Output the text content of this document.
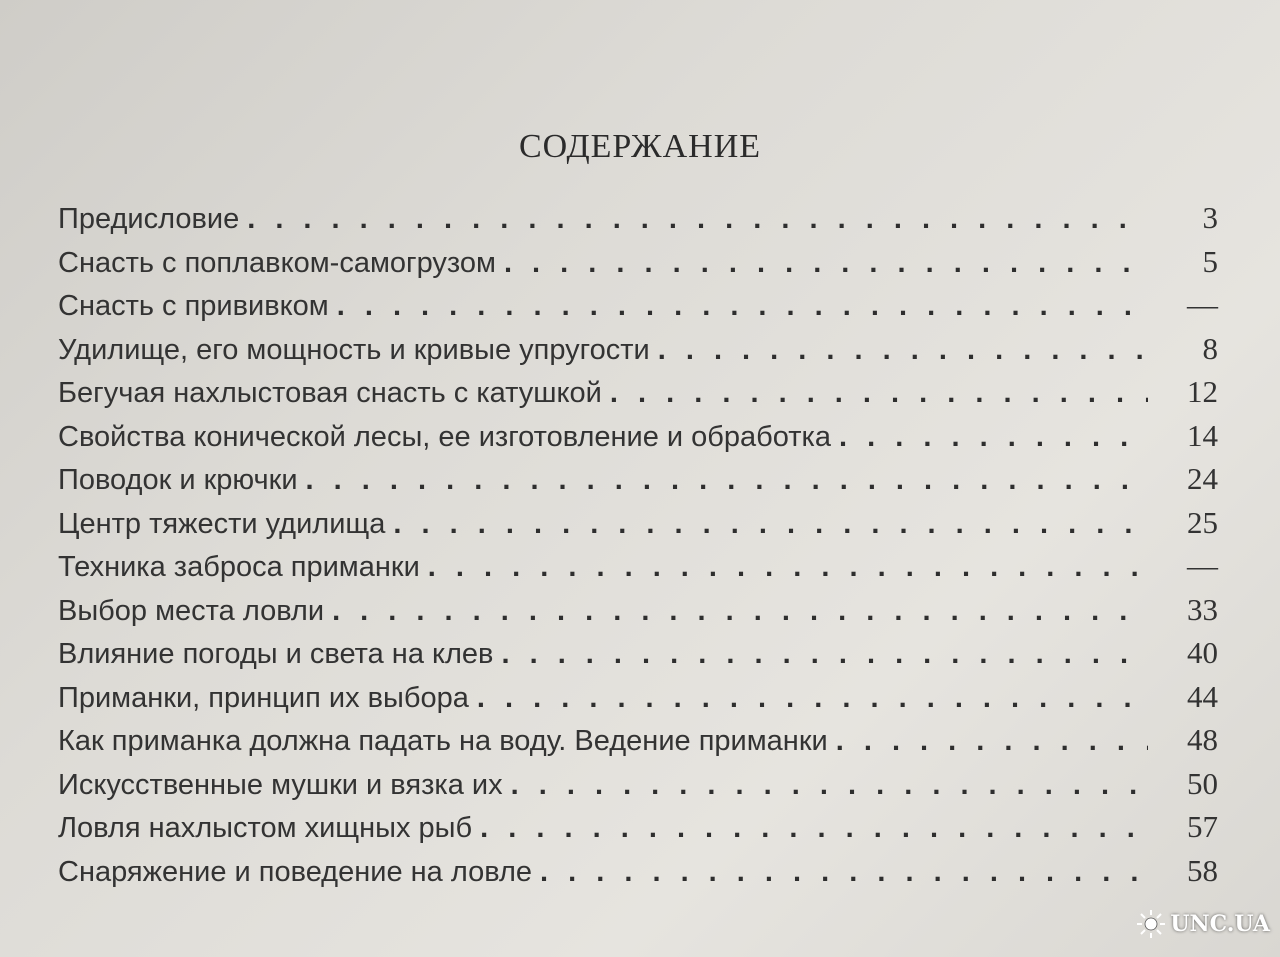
СОДЕРЖАНИЕ
Предисловие . . .	3
Снасть с поплавком-самогрузом . . .	5
Снасть с прививком . . .	—
Удилище, его мощность и кривые упругости . . .	8
Бегучая нахлыстовая снасть с катушкой . . .	12
Свойства конической лесы, ее изготовление и обработка . . .	14
Поводок и крючки . . .	24
Центр тяжести удилища . . .	25
Техника заброса приманки . . .	—
Выбор места ловли . . .	33
Влияние погоды и света на клев . . .	40
Приманки, принцип их выбора . . .	44
Как приманка должна падать на воду. Ведение приманки . . .	48
Искусственные мушки и вязка их . . .	50
Ловля нахлыстом хищных рыб . . .	57
Снаряжение и поведение на ловле . . .	58
UNC.UA
